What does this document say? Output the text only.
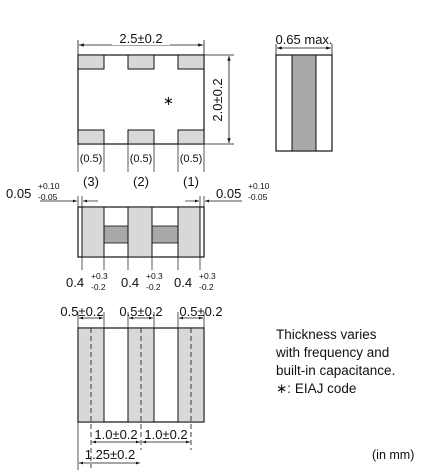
∗
2.5±0.2
2.0±0.2
(0.5) (0.5) (0.5)
(3)	(2)	(1)
0.65 max.
0.05 +0.10
-0.05	0.05 +0.10
-0.05
0.4 +0.3
-0.2 0.4 +0.3
-0.2 0.4 +0.3
-0.2
0.5±0.2 0.5±0.2 0.5±0.2
1.0±0.2 1.0±0.2
1.25±0.2
Thickness varies
with frequency and
built-in capacitance.
∗: EIAJ code
(in mm)
